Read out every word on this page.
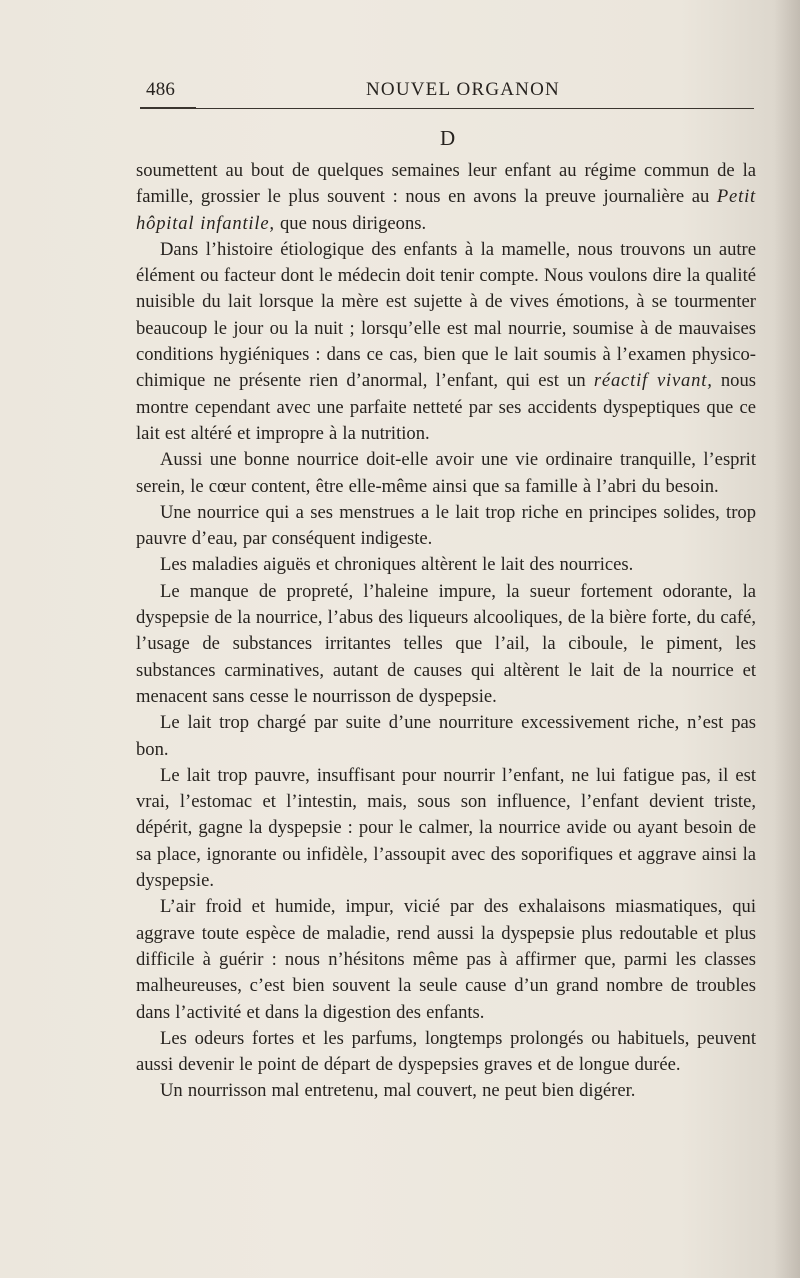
486	NOUVEL ORGANON
D

soumettent au bout de quelques semaines leur enfant au régime commun de la famille, grossier le plus souvent : nous en avons la preuve journalière au Petit hôpital infantile, que nous dirigeons.

Dans l’histoire étiologique des enfants à la mamelle, nous trouvons un autre élément ou facteur dont le médecin doit tenir compte. Nous voulons dire la qualité nuisible du lait lorsque la mère est sujette à de vives émotions, à se tourmenter beaucoup le jour ou la nuit ; lorsqu’elle est mal nourrie, soumise à de mauvaises conditions hygiéniques : dans ce cas, bien que le lait soumis à l’examen physico-chimique ne présente rien d’anormal, l’enfant, qui est un réactif vivant, nous montre cependant avec une parfaite netteté par ses accidents dyspeptiques que ce lait est altéré et impropre à la nutrition.

Aussi une bonne nourrice doit-elle avoir une vie ordinaire tranquille, l’esprit serein, le cœur content, être elle-même ainsi que sa famille à l’abri du besoin.

Une nourrice qui a ses menstrues a le lait trop riche en principes solides, trop pauvre d’eau, par conséquent indigeste.

Les maladies aiguës et chroniques altèrent le lait des nourrices.

Le manque de propreté, l’haleine impure, la sueur fortement odorante, la dyspepsie de la nourrice, l’abus des liqueurs alcooliques, de la bière forte, du café, l’usage de substances irritantes telles que l’ail, la ciboule, le piment, les substances carminatives, autant de causes qui altèrent le lait de la nourrice et menacent sans cesse le nourrisson de dyspepsie.

Le lait trop chargé par suite d’une nourriture excessivement riche, n’est pas bon.

Le lait trop pauvre, insuffisant pour nourrir l’enfant, ne lui fatigue pas, il est vrai, l’estomac et l’intestin, mais, sous son influence, l’enfant devient triste, dépérit, gagne la dyspepsie : pour le calmer, la nourrice avide ou ayant besoin de sa place, ignorante ou infidèle, l’assoupit avec des soporifiques et aggrave ainsi la dyspepsie.

L’air froid et humide, impur, vicié par des exhalaisons miasmatiques, qui aggrave toute espèce de maladie, rend aussi la dyspepsie plus redoutable et plus difficile à guérir : nous n’hésitons même pas à affirmer que, parmi les classes malheureuses, c’est bien souvent la seule cause d’un grand nombre de troubles dans l’activité et dans la digestion des enfants.

Les odeurs fortes et les parfums, longtemps prolongés ou habituels, peuvent aussi devenir le point de départ de dyspepsies graves et de longue durée.

Un nourrisson mal entretenu, mal couvert, ne peut bien digérer.
